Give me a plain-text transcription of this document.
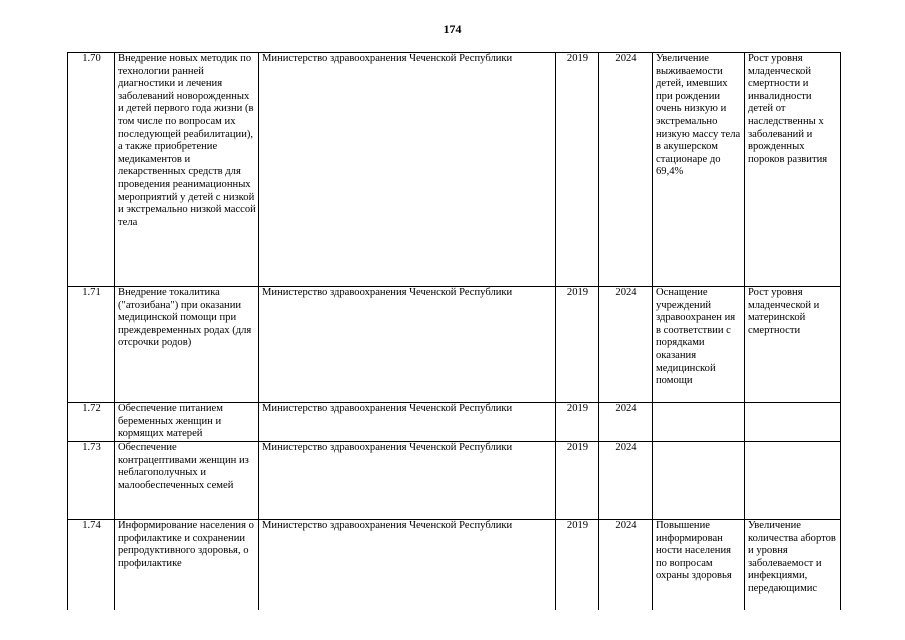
174
1.70	Внедрение новых методик по технологии ранней диагностики и лечения заболеваний новорожденных и детей первого года жизни (в том числе по вопросам их последующей реабилитации), а также приобретение медикаментов и лекарственных средств для проведения реанимационных мероприятий у детей с низкой и экстремально низкой массой тела	Министерство здравоохранения Чеченской Республики	2019	2024	Увеличение выживаемости детей, имевших при рождении очень низкую и экстремально низкую массу тела в акушерском стационаре до 69,4%	Рост уровня младенческой смертности и инвалидности детей от наследственны х заболеваний и врожденных пороков развития
1.71	Внедрение токалитика ("атозибана") при оказании медицинской помощи при преждевременных родах (для отсрочки родов)	Министерство здравоохранения Чеченской Республики	2019	2024	Оснащение учреждений здравоохранен ия в соответствии с порядками оказания медицинской помощи	Рост уровня младенческой и материнской смертности
1.72	Обеспечение питанием беременных женщин и кормящих матерей	Министерство здравоохранения Чеченской Республики	2019	2024		
1.73	Обеспечение контрацептивами женщин из неблагополучных и малообеспеченных семей	Министерство здравоохранения Чеченской Республики	2019	2024		
1.74	Информирование населения о профилактике и сохранении репродуктивного здоровья, о профилактике	Министерство здравоохранения Чеченской Республики	2019	2024	Повышение информирован ности населения по вопросам охраны здоровья	Увеличение количества абортов и уровня заболеваемост и инфекциями, передающимис
